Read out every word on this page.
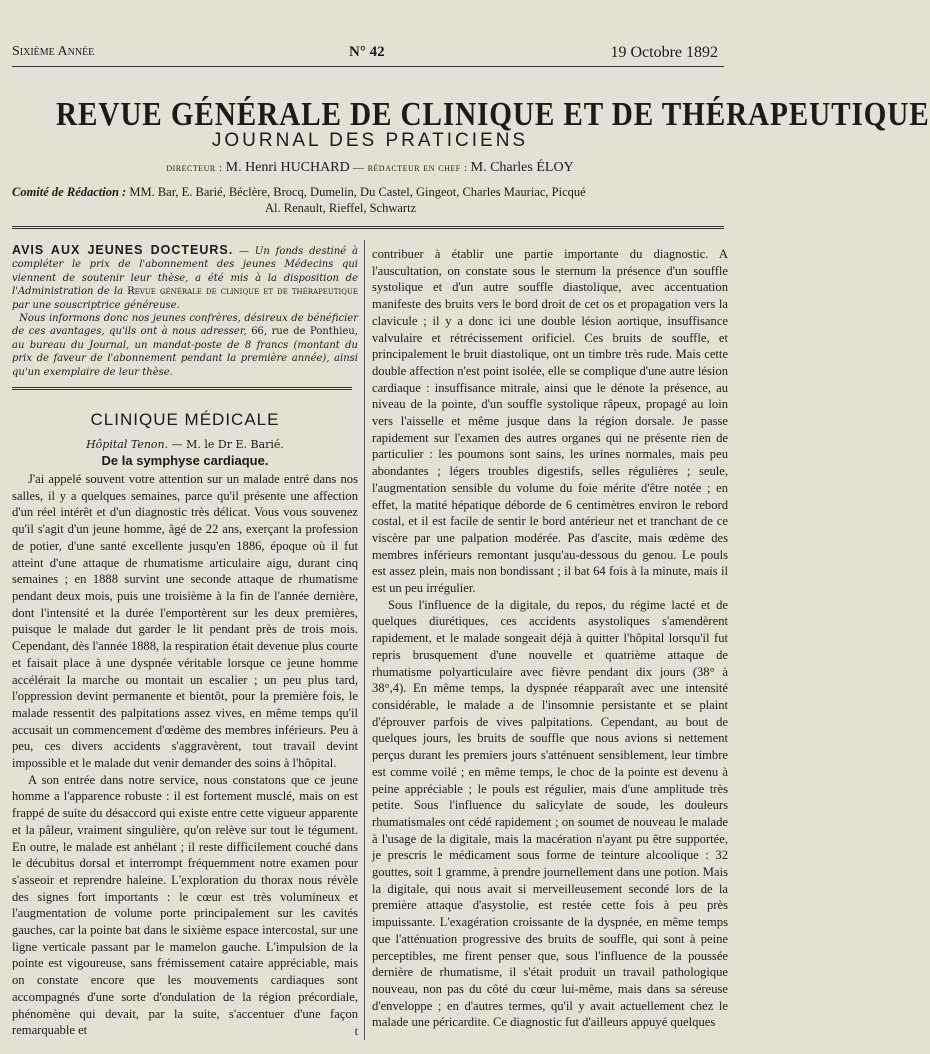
Sixième Année	N° 42	19 Octobre 1892
REVUE GÉNÉRALE DE CLINIQUE ET DE THÉRAPEUTIQUE
JOURNAL DES PRATICIENS
directeur : M. Henri HUCHARD — rédacteur en chef : M. Charles ÉLOY
Comité de Rédaction : MM. Bar, E. Barié, Béclère, Brocq, Dumelin, Du Castel, Gingeot, Charles Mauriac, Picqué
Al. Renault, Rieffel, Schwartz
AVIS AUX JEUNES DOCTEURS. — Un fonds destiné à compléter le prix de l'abonnement des jeunes Médecins qui viennent de soutenir leur thèse, a été mis à la disposition de l'Administration de la Revue générale de clinique et de thérapeutique par une souscriptrice généreuse.
Nous informons donc nos jeunes confrères, désireux de bénéficier de ces avantages, qu'ils ont à nous adresser, 66, rue de Ponthieu, au bureau du Journal, un mandat-poste de 8 francs (montant du prix de faveur de l'abonnement pendant la première année), ainsi qu'un exemplaire de leur thèse.
CLINIQUE MÉDICALE
Hôpital Tenon. — M. le Dr E. Barié.
De la symphyse cardiaque.

J'ai appelé souvent votre attention sur un malade entré dans nos salles, il y a quelques semaines, parce qu'il présente une affection d'un réel intérêt et d'un diagnostic très délicat. Vous vous souvenez qu'il s'agit d'un jeune homme, âgé de 22 ans, exerçant la profession de potier, d'une santé excellente jusqu'en 1886, époque où il fut atteint d'une attaque de rhumatisme articulaire aigu, durant cinq semaines ; en 1888 survint une seconde attaque de rhumatisme pendant deux mois, puis une troisième à la fin de l'année dernière, dont l'intensité et la durée l'emportèrent sur les deux premières, puisque le malade dut garder le lit pendant près de trois mois. Cependant, dès l'année 1888, la respiration était devenue plus courte et faisait place à une dyspnée véritable lorsque ce jeune homme accélérait la marche ou montait un escalier ; un peu plus tard, l'oppression devint permanente et bientôt, pour la première fois, le malade ressentit des palpitations assez vives, en même temps qu'il accusait un commencement d'œdème des membres inférieurs. Peu à peu, ces divers accidents s'aggravèrent, tout travail devint impossible et le malade dut venir demander des soins à l'hôpital.

A son entrée dans notre service, nous constatons que ce jeune homme a l'apparence robuste : il est fortement musclé, mais on est frappé de suite du désaccord qui existe entre cette vigueur apparente et la pâleur, vraiment singulière, qu'on relève sur tout le tégument. En outre, le malade est anhélant ; il reste difficilement couché dans le décubitus dorsal et interrompt fréquemment notre examen pour s'asseoir et reprendre haleine. L'exploration du thorax nous révèle des signes fort importants : le cœur est très volumineux et l'augmentation de volume porte principalement sur les cavités gauches, car la pointe bat dans le sixième espace intercostal, sur une ligne verticale passant par le mamelon gauche. L'impulsion de la pointe est vigoureuse, sans frémissement cataire appréciable, mais on constate encore que les mouvements cardiaques sont accompagnés d'une sorte d'ondulation de la région précordiale, phénomène qui devait, par la suite, s'accentuer d'une façon remarquable et	t

contribuer à établir une partie importante du diagnostic. A l'auscultation, on constate sous le sternum la présence d'un souffle systolique et d'un autre souffle diastolique, avec accentuation manifeste des bruits vers le bord droit de cet os et propagation vers la clavicule ; il y a donc ici une double lésion aortique, insuffisance valvulaire et rétrécissement orificiel. Ces bruits de souffle, et principalement le bruit diastolique, ont un timbre très rude. Mais cette double affection n'est point isolée, elle se complique d'une autre lésion cardiaque : insuffisance mitrale, ainsi que le dénote la présence, au niveau de la pointe, d'un souffle systolique râpeux, propagé au loin vers l'aisselle et même jusque dans la région dorsale. Je passe rapidement sur l'examen des autres organes qui ne présente rien de particulier : les poumons sont sains, les urines normales, mais peu abondantes ; légers troubles digestifs, selles régulières ; seule, l'augmentation sensible du volume du foie mérite d'être notée ; en effet, la matité hépatique déborde de 6 centimètres environ le rebord costal, et il est facile de sentir le bord antérieur net et tranchant de ce viscère par une palpation modérée. Pas d'ascite, mais œdème des membres inférieurs remontant jusqu'au-dessous du genou. Le pouls est assez plein, mais non bondissant ; il bat 64 fois à la minute, mais il est un peu irrégulier.

Sous l'influence de la digitale, du repos, du régime lacté et de quelques diurétiques, ces accidents asystoliques s'amendèrent rapidement, et le malade songeait déjà à quitter l'hôpital lorsqu'il fut repris brusquement d'une nouvelle et quatrième attaque de rhumatisme polyarticulaire avec fièvre pendant dix jours (38° à 38°,4). En même temps, la dyspnée réapparaît avec une intensité considérable, le malade a de l'insomnie persistante et se plaint d'éprouver parfois de vives palpitations. Cependant, au bout de quelques jours, les bruits de souffle que nous avions si nettement perçus durant les premiers jours s'atténuent sensiblement, leur timbre est comme voilé ; en même temps, le choc de la pointe est devenu à peine appréciable ; le pouls est régulier, mais d'une amplitude très petite. Sous l'influence du salicylate de soude, les douleurs rhumatismales ont cédé rapidement ; on soumet de nouveau le malade à l'usage de la digitale, mais la macération n'ayant pu être supportée, je prescris le médicament sous forme de teinture alcoolique : 32 gouttes, soit 1 gramme, à prendre journellement dans une potion. Mais la digitale, qui nous avait si merveilleusement secondé lors de la première attaque d'asystolie, est restée cette fois à peu près impuissante. L'exagération croissante de la dyspnée, en même temps que l'atténuation progressive des bruits de souffle, qui sont à peine perceptibles, me firent penser que, sous l'influence de la poussée dernière de rhumatisme, il s'était produit un travail pathologique nouveau, non pas du côté du cœur lui-même, mais dans sa séreuse d'enveloppe ; en d'autres termes, qu'il y avait actuellement chez le malade une péricardite. Ce diagnostic fut d'ailleurs appuyé quelques
